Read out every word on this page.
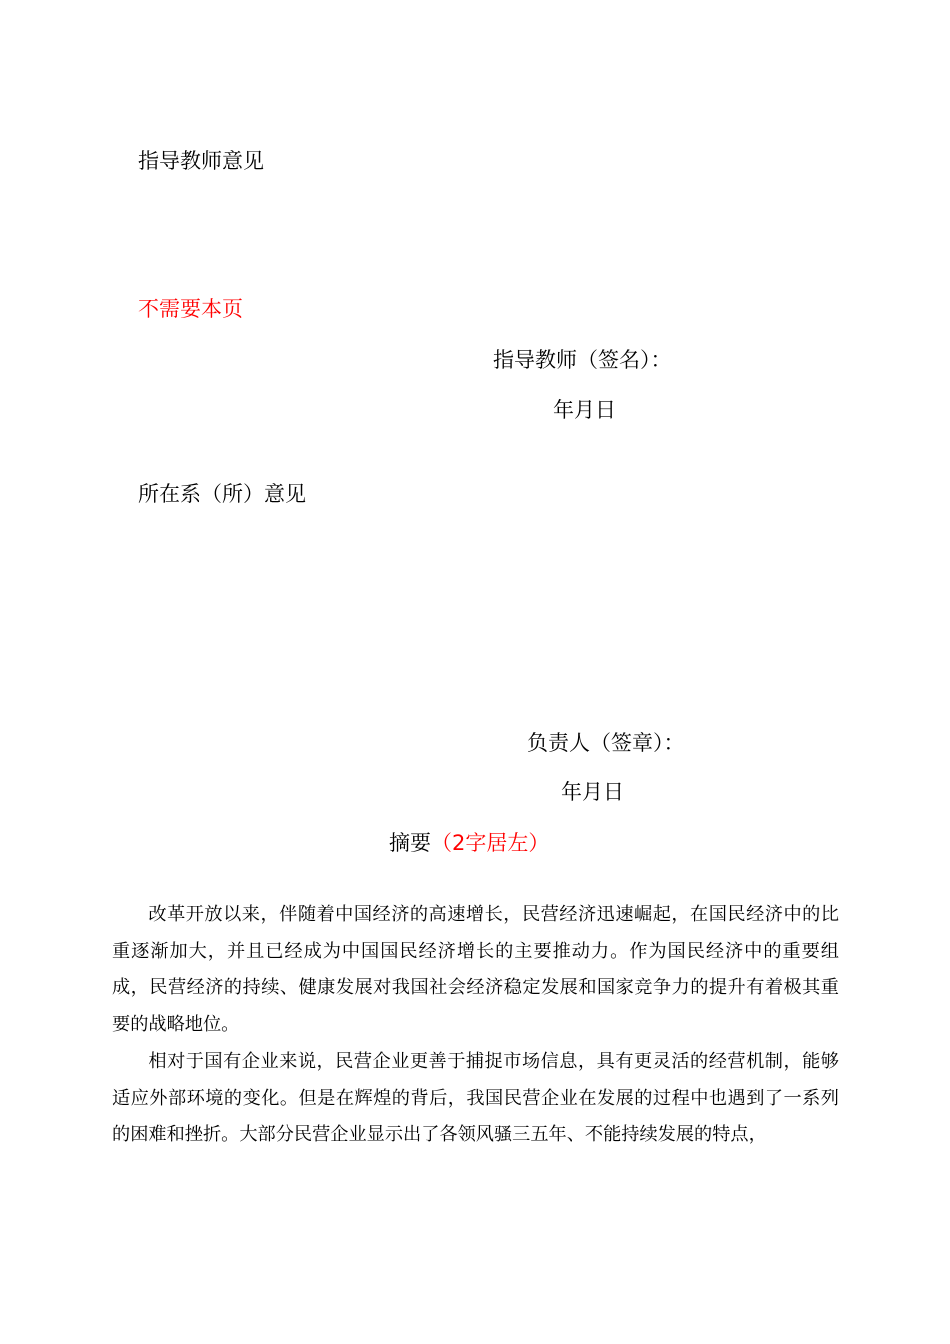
指导教师意见
不需要本页
指导教师（签名）：
年月日
所在系（所）意见
负责人（签章）：
年月日
摘要（2字居左）

改革开放以来，伴随着中国经济的高速增长，民营经济迅速崛起，在国民经济中的比重逐渐加大，并且已经成为中国国民经济增长的主要推动力。作为国民经济中的重要组成，民营经济的持续、健康发展对我国社会经济稳定发展和国家竞争力的提升有着极其重要的战略地位。

相对于国有企业来说，民营企业更善于捕捉市场信息，具有更灵活的经营机制，能够适应外部环境的变化。但是在辉煌的背后，我国民营企业在发展的过程中也遇到了一系列的困难和挫折。大部分民营企业显示出了各领风骚三五年、不能持续发展的特点，
